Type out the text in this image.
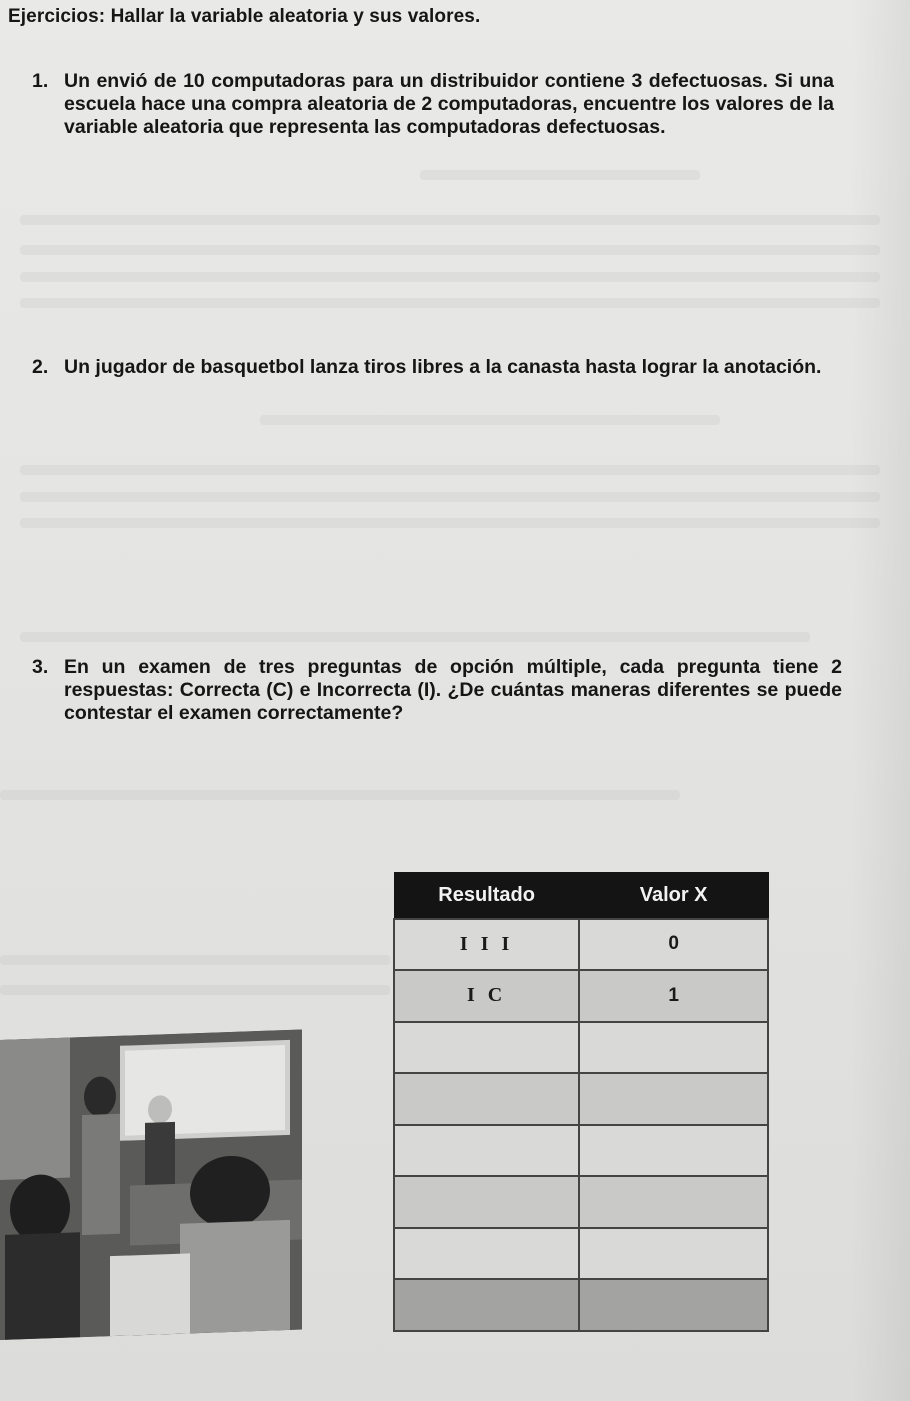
Ejercicios: Hallar la variable aleatoria y sus valores.
1. Un envió de 10 computadoras para un distribuidor contiene 3 defectuosas. Si una escuela hace una compra aleatoria de 2 computadoras, encuentre los valores de la variable aleatoria que representa las computadoras defectuosas.
2. Un jugador de basquetbol lanza tiros libres a la canasta hasta lograr la anotación.
3. En un examen de tres preguntas de opción múltiple, cada pregunta tiene 2 respuestas: Correcta (C) e Incorrecta (I). ¿De cuántas maneras diferentes se puede contestar el examen correctamente?
Resultado	Valor X
I I I	0
I C	1
